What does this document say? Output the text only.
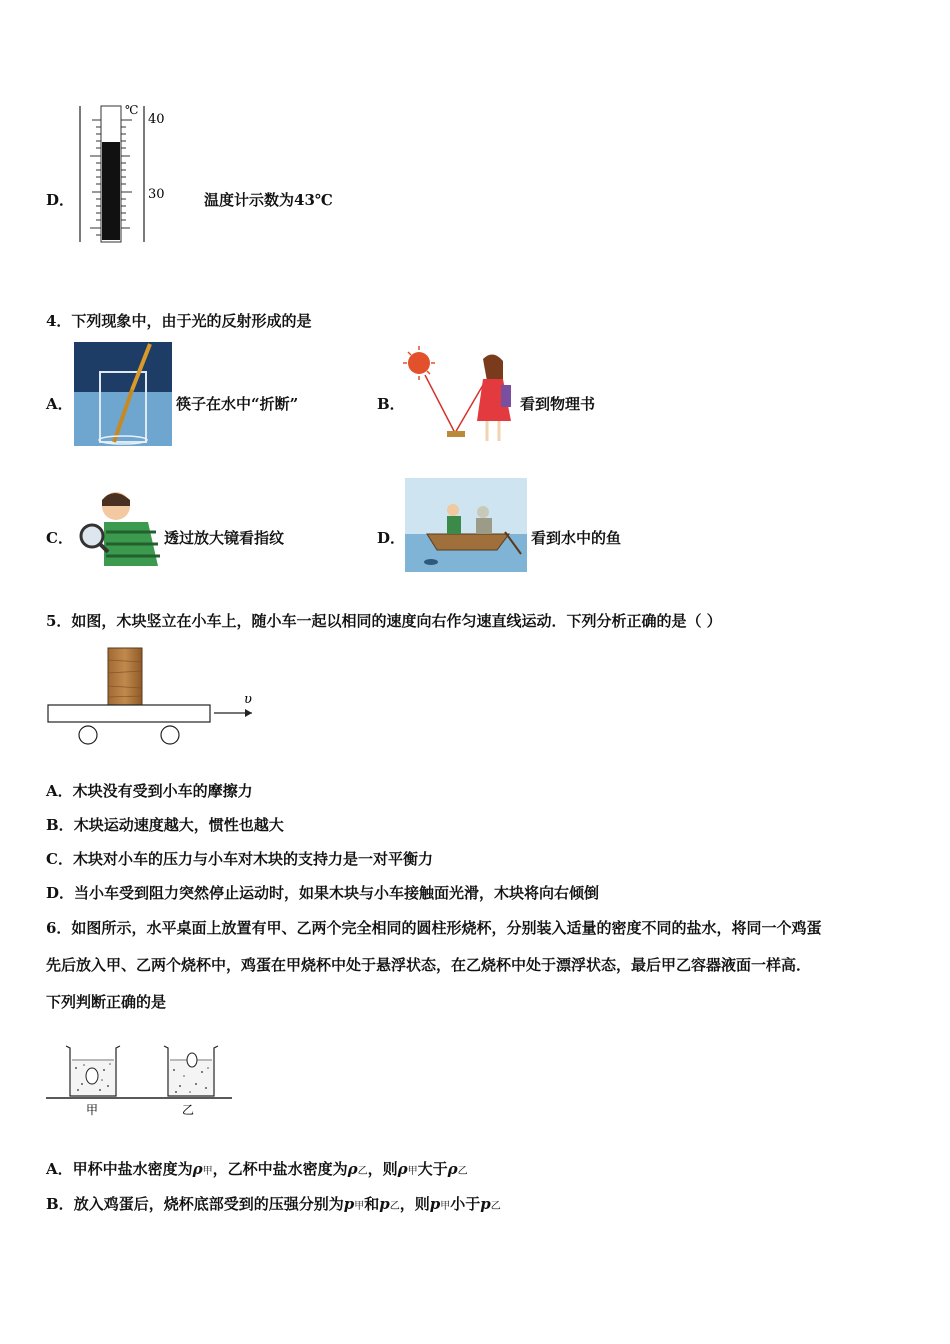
D．
℃
40
30	温度计示数为43℃
4．下列现象中，由于光的反射形成的是
A．	筷子在水中“折断”	B．	看到物理书
C．	透过放大镜看指纹	D．	看到水中的鱼
5．如图，木块竖立在小车上，随小车一起以相同的速度向右作匀速直线运动．下列分析正确的是（ ）
υ
A．木块没有受到小车的摩擦力
B．木块运动速度越大，惯性也越大
C．木块对小车的压力与小车对木块的支持力是一对平衡力
D．当小车受到阻力突然停止运动时，如果木块与小车接触面光滑，木块将向右倾倒
6．如图所示，水平桌面上放置有甲、乙两个完全相同的圆柱形烧杯，分别装入适量的密度不同的盐水，将同一个鸡蛋
先后放入甲、乙两个烧杯中，鸡蛋在甲烧杯中处于悬浮状态，在乙烧杯中处于漂浮状态，最后甲乙容器液面一样高．
下列判断正确的是
甲	乙
A．甲杯中盐水密度为ρ甲，乙杯中盐水密度为ρ乙，则ρ甲大于ρ乙
B．放入鸡蛋后，烧杯底部受到的压强分别为p甲和p乙，则p甲小于p乙
